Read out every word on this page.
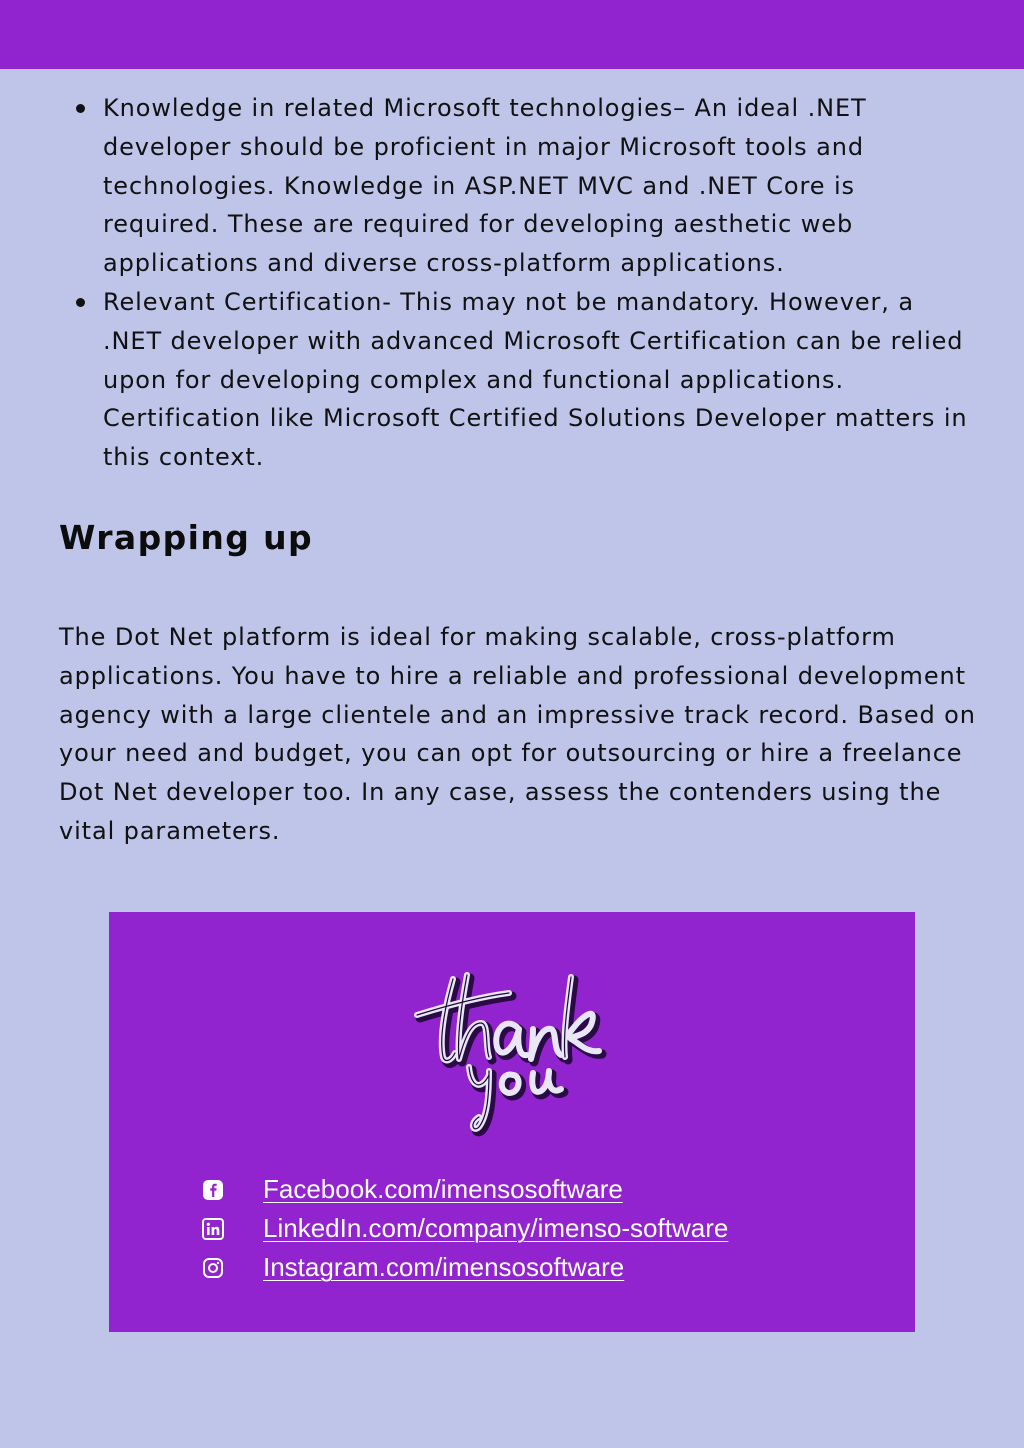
Knowledge in related Microsoft technologies– An ideal .NET developer should be proficient in major Microsoft tools and technologies. Knowledge in ASP.NET MVC and .NET Core is required. These are required for developing aesthetic web applications and diverse cross-platform applications.
Relevant Certification- This may not be mandatory. However, a .NET developer with advanced Microsoft Certification can be relied upon for developing complex and functional applications. Certification like Microsoft Certified Solutions Developer matters in this context.
Wrapping up

The Dot Net platform is ideal for making scalable, cross-platform applications. You have to hire a reliable and professional development agency with a large clientele and an impressive track record. Based on your need and budget, you can opt for outsourcing or hire a freelance Dot Net developer too. In any case, assess the contenders using the vital parameters.

Facebook.com/imensosoftware
LinkedIn.com/company/imenso-software
Instagram.com/imensosoftware
